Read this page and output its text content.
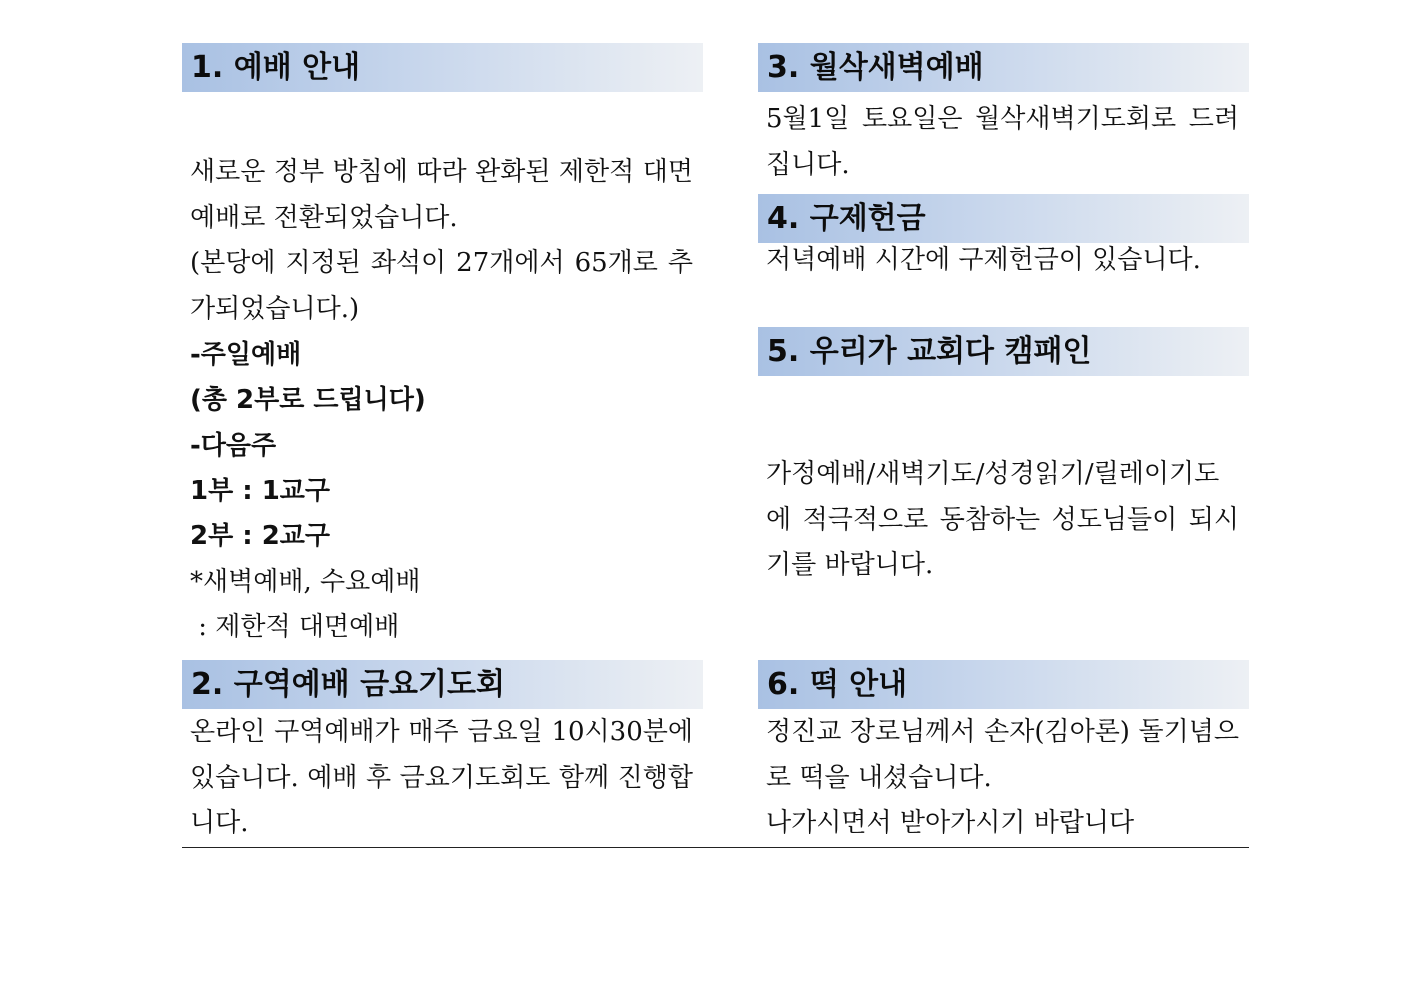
1. 예배 안내

새로운 정부 방침에 따라 완화된 제한적 대면예배로 전환되었습니다.

(본당에 지정된 좌석이 27개에서 65개로 추가되었습니다.)

-주일예배
(총 2부로 드립니다)
-다음주
1부 : 1교구
2부 : 2교구
*새벽예배, 수요예배
: 제한적 대면예배
2. 구역예배 금요기도회

온라인 구역예배가 매주 금요일 10시30분에 있습니다. 예배 후 금요기도회도 함께 진행합니다.

3. 월삭새벽예배

5월1일 토요일은 월삭새벽기도회로 드려집니다.

4. 구제헌금

저녁예배 시간에 구제헌금이 있습니다.

5. 우리가 교회다 캠패인

가정예배/새벽기도/성경읽기/릴레이기도에 적극적으로 동참하는 성도님들이 되시기를 바랍니다.

6. 떡 안내

정진교 장로님께서 손자(김아론) 돌기념으로 떡을 내셨습니다.

나가시면서 받아가시기 바랍니다
